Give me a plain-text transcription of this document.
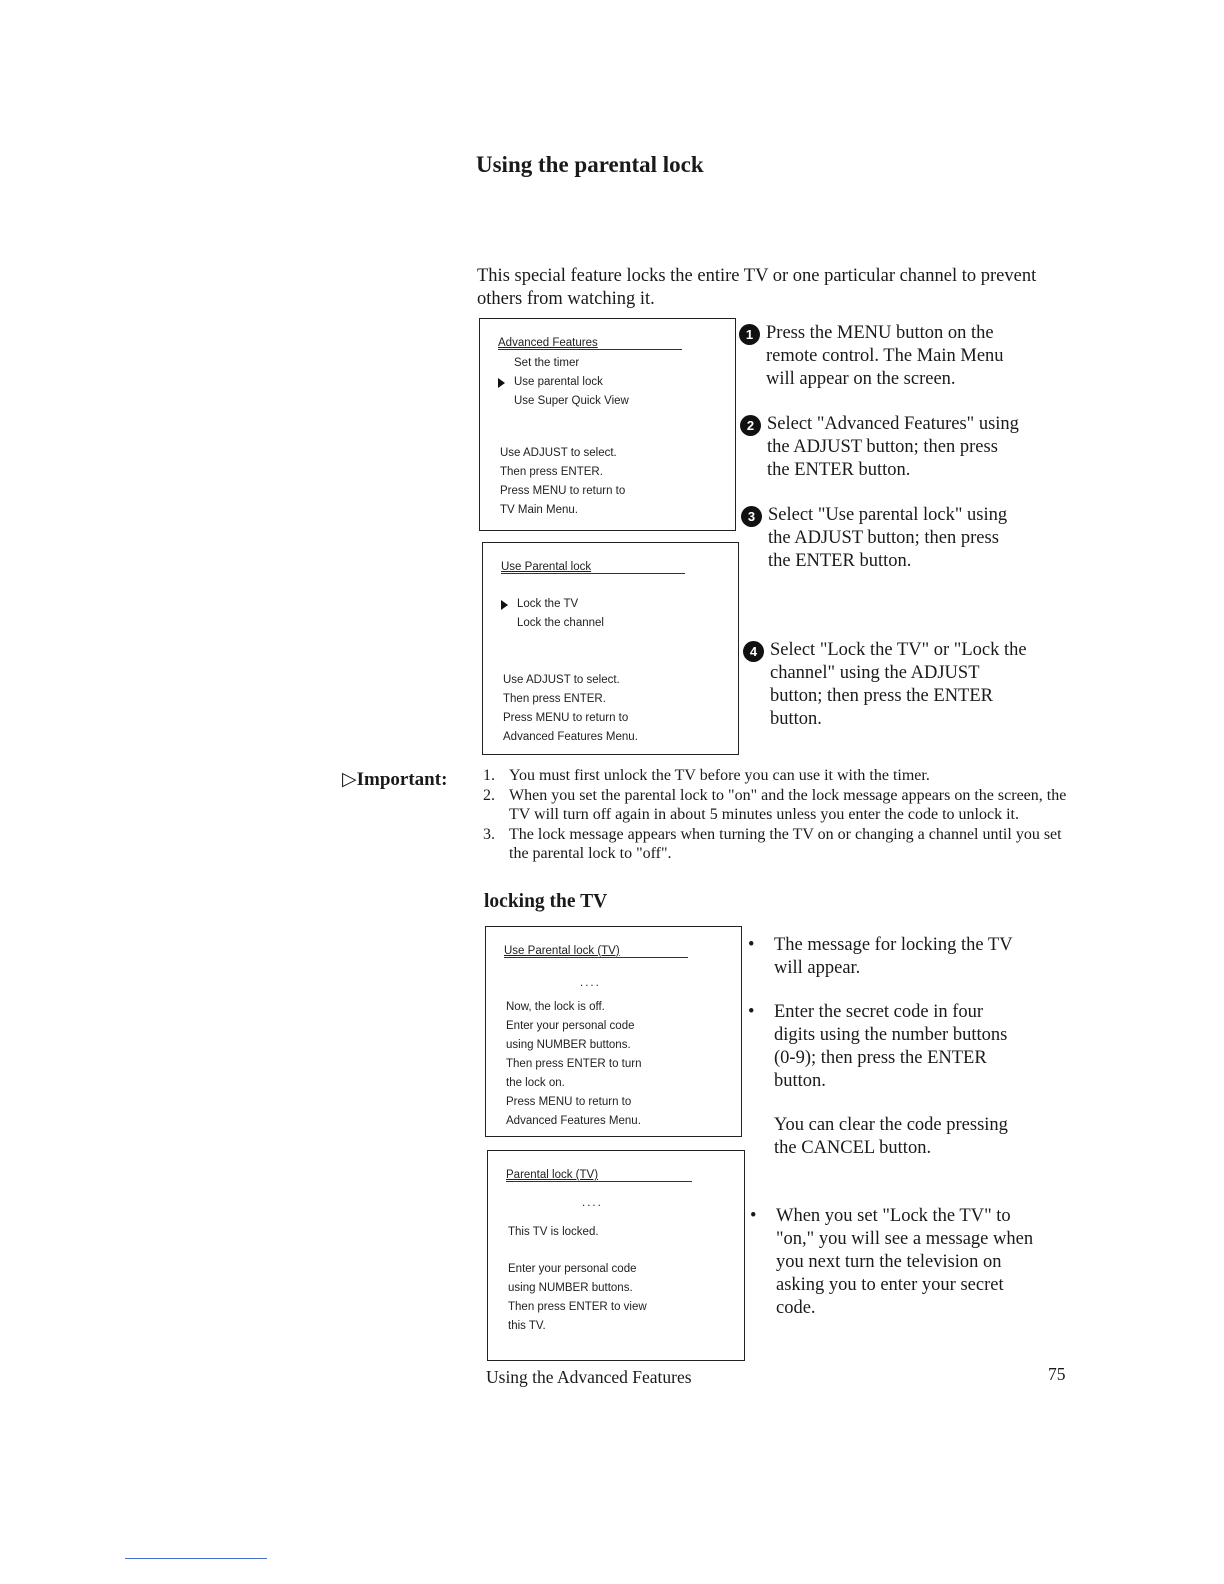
Using the parental lock

This special feature locks the entire TV or one particular channel to prevent others from watching it.

Advanced Features
Set the timer
Use parental lock
Use Super Quick View
Use ADJUST to select.
Then press ENTER.
Press MENU to return to
TV Main Menu.
Use Parental lock
Lock the TV
Lock the channel
Use ADJUST to select.
Then press ENTER.
Press MENU to return to
Advanced Features Menu.
1 Press the MENU button on the
remote control. The Main Menu
will appear on the screen.
2 Select "Advanced Features" using
the ADJUST button; then press
the ENTER button.
3 Select "Use parental lock" using
the ADJUST button; then press
the ENTER button.
4 Select "Lock the TV" or "Lock the
channel" using the ADJUST
button; then press the ENTER
button.
▷Important: 1. You must first unlock the TV before you can use it with the timer.
2. When you set the parental lock to "on" and the lock message appears on the screen, the TV will turn off again in about 5 minutes unless you enter the code to unlock it.
3. The lock message appears when turning the TV on or changing a channel until you set the parental lock to "off".
locking the TV
Use Parental lock (TV)
....
Now, the lock is off.
Enter your personal code
using NUMBER buttons.
Then press ENTER to turn
the lock on.
Press MENU to return to
Advanced Features Menu.
Parental lock (TV)
....
This TV is locked.
Enter your personal code
using NUMBER buttons.
Then press ENTER to view
this TV.
• The message for locking the TV
will appear.
• Enter the secret code in four
digits using the number buttons
(0-9); then press the ENTER
button.
You can clear the code pressing
the CANCEL button.
• When you set "Lock the TV" to
"on," you will see a message when
you next turn the television on
asking you to enter your secret
code.
Using the Advanced Features	75
